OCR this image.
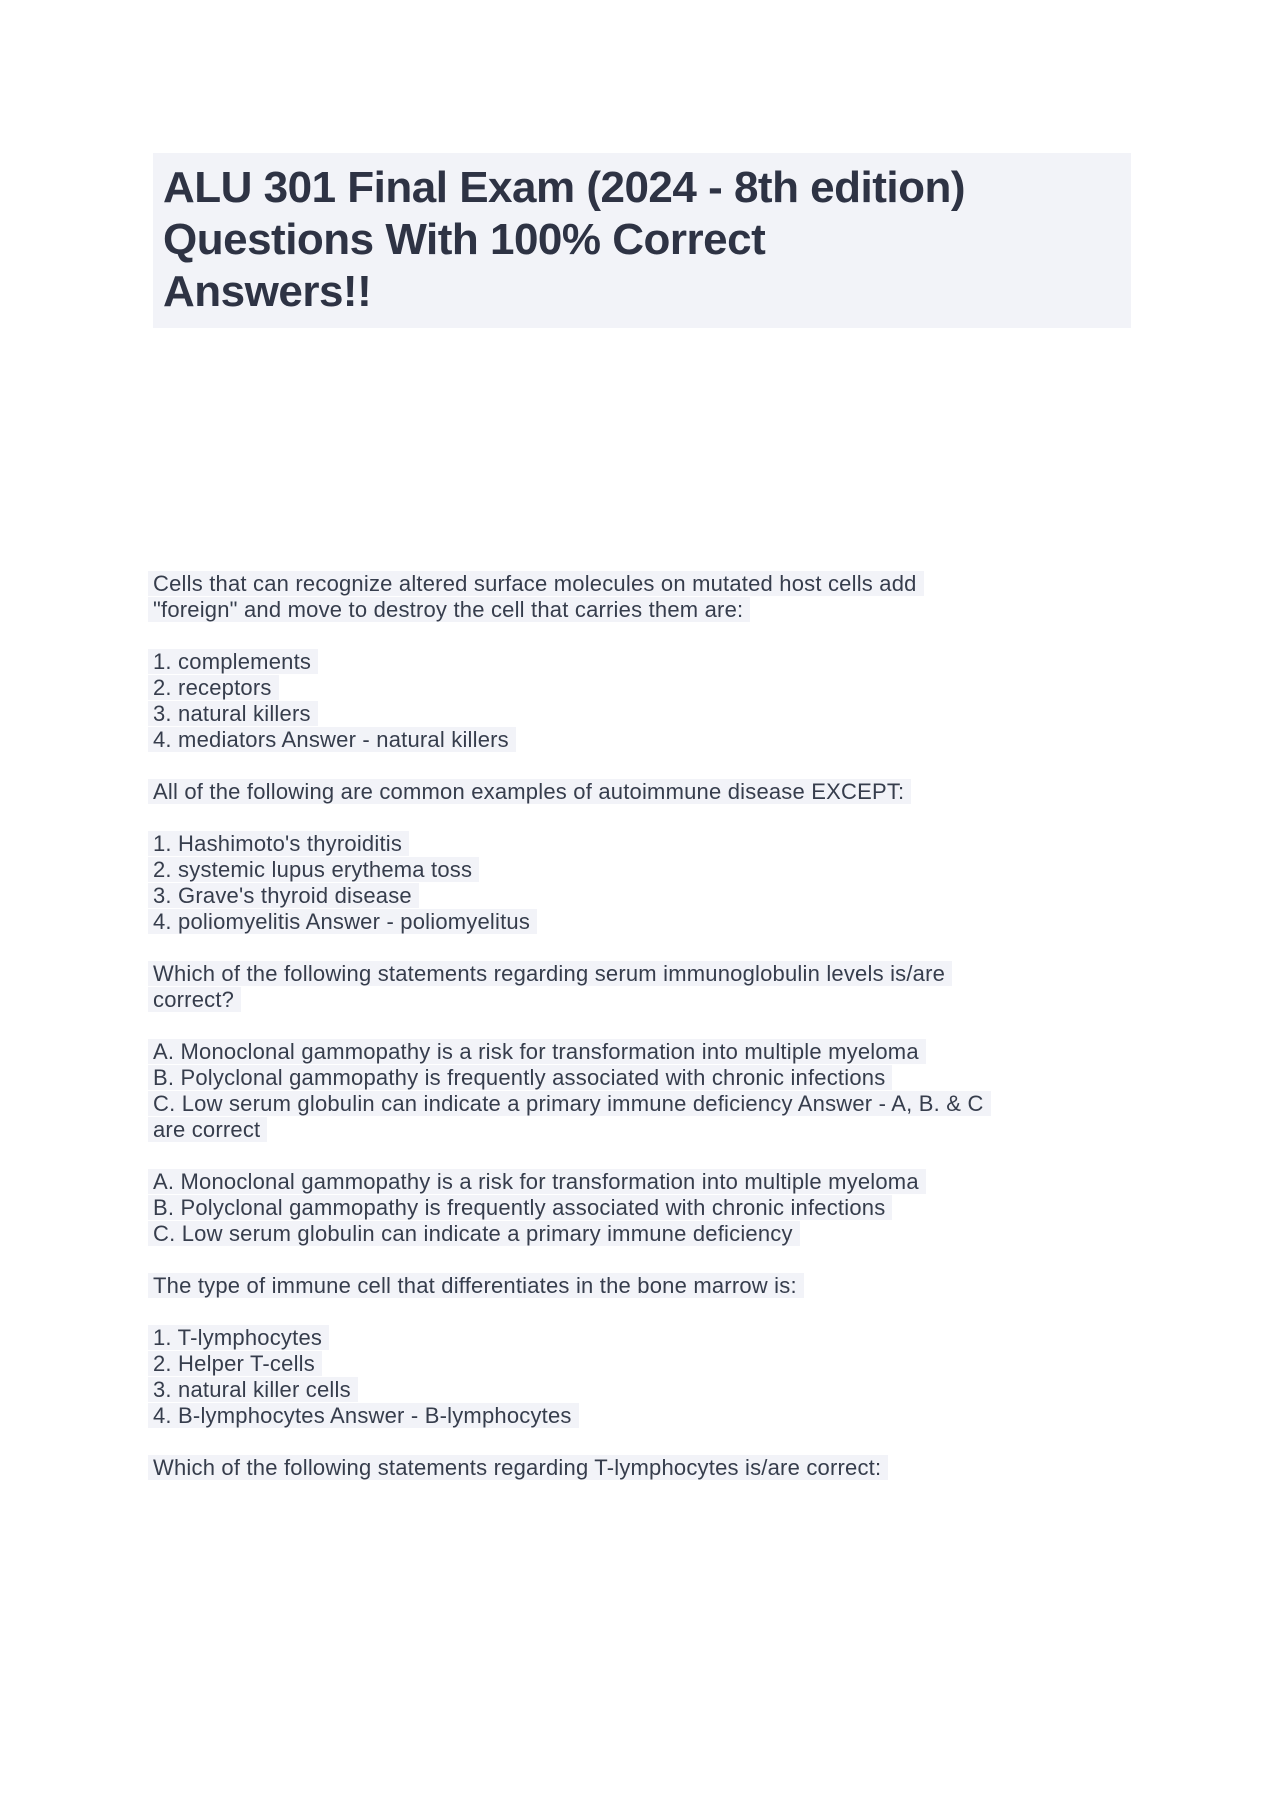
ALU 301 Final Exam (2024 - 8th edition)
Questions With 100% Correct
Answers!!
Cells that can recognize altered surface molecules on mutated host cells add
"foreign" and move to destroy the cell that carries them are:
1. complements
2. receptors
3. natural killers
4. mediators Answer - natural killers
All of the following are common examples of autoimmune disease EXCEPT:
1. Hashimoto's thyroiditis
2. systemic lupus erythema toss
3. Grave's thyroid disease
4. poliomyelitis Answer - poliomyelitus
Which of the following statements regarding serum immunoglobulin levels is/are
correct?
A. Monoclonal gammopathy is a risk for transformation into multiple myeloma
B. Polyclonal gammopathy is frequently associated with chronic infections
C. Low serum globulin can indicate a primary immune deficiency Answer - A, B. & C
are correct
A. Monoclonal gammopathy is a risk for transformation into multiple myeloma
B. Polyclonal gammopathy is frequently associated with chronic infections
C. Low serum globulin can indicate a primary immune deficiency
The type of immune cell that differentiates in the bone marrow is:
1. T-lymphocytes
2. Helper T-cells
3. natural killer cells
4. B-lymphocytes Answer - B-lymphocytes
Which of the following statements regarding T-lymphocytes is/are correct:
